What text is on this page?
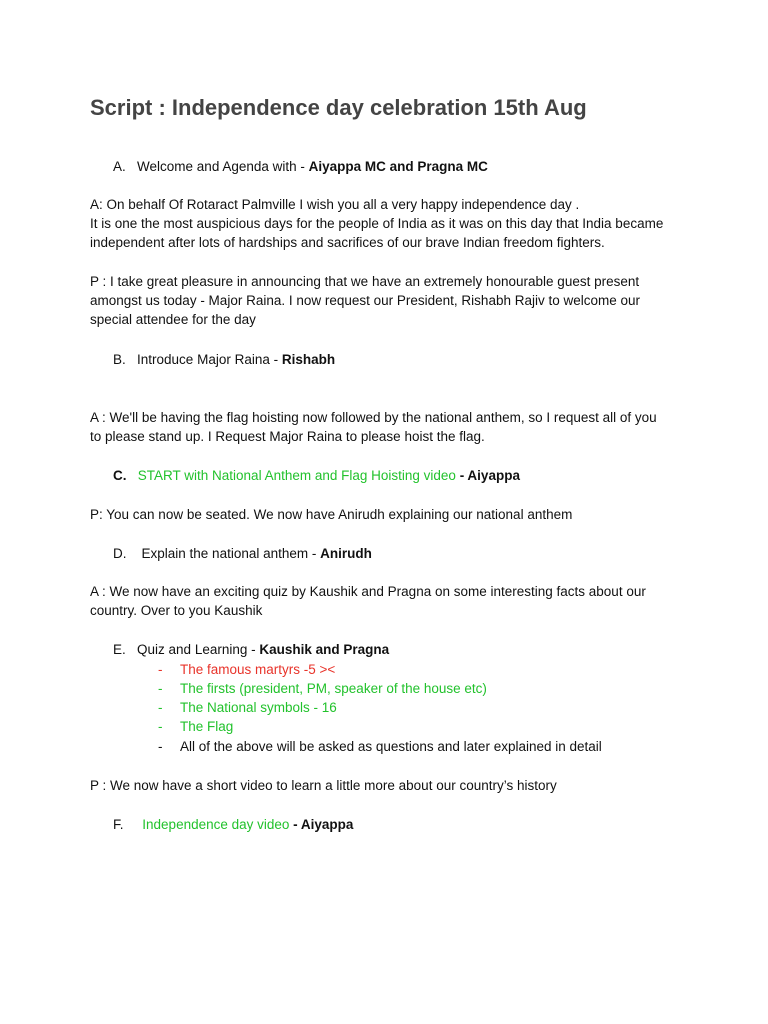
Script : Independence day celebration 15th Aug
A. Welcome and Agenda with - Aiyappa MC and Pragna MC
A: On behalf Of Rotaract Palmville I wish you all a very happy independence day .
It is one the most auspicious days for the people of India as it was on this day that India became
independent after lots of hardships and sacrifices of our brave Indian freedom fighters.
P : I take great pleasure in announcing that we have an extremely honourable guest present
amongst us today - Major Raina. I now request our President, Rishabh Rajiv to welcome our
special attendee for the day
B. Introduce Major Raina - Rishabh
A : We'll be having the flag hoisting now followed by the national anthem, so I request all of you
to please stand up. I Request Major Raina to please hoist the flag.
C. START with National Anthem and Flag Hoisting video - Aiyappa
P: You can now be seated. We now have Anirudh explaining our national anthem
D. Explain the national anthem - Anirudh
A : We now have an exciting quiz by Kaushik and Pragna on some interesting facts about our
country. Over to you Kaushik
E. Quiz and Learning - Kaushik and Pragna
- The famous martyrs -5 ><
- The firsts (president, PM, speaker of the house etc)
- The National symbols - 16
- The Flag
- All of the above will be asked as questions and later explained in detail
P : We now have a short video to learn a little more about our country’s history
F. Independence day video - Aiyappa
